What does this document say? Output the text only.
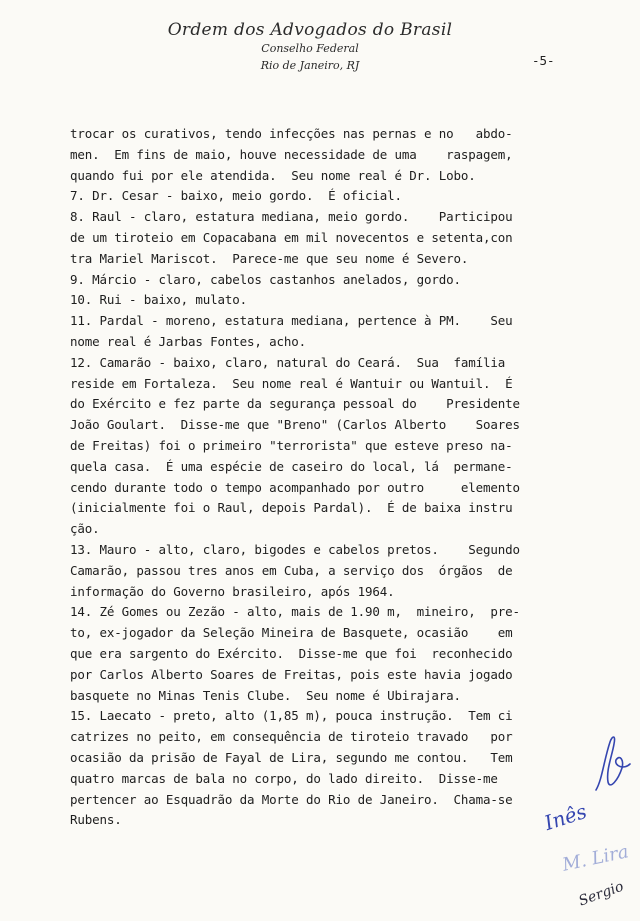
Ordem dos Advogados do Brasil
Conselho Federal
Rio de Janeiro, RJ	-5-
trocar os curativos, tendo infecções nas pernas e no   abdo-
men.  Em fins de maio, houve necessidade de uma    raspagem,
quando fui por ele atendida.  Seu nome real é Dr. Lobo.
7. Dr. Cesar - baixo, meio gordo.  É oficial.
8. Raul - claro, estatura mediana, meio gordo.    Participou
de um tiroteio em Copacabana em mil novecentos e setenta,con
tra Mariel Mariscot.  Parece-me que seu nome é Severo.
9. Márcio - claro, cabelos castanhos anelados, gordo.
10. Rui - baixo, mulato.
11. Pardal - moreno, estatura mediana, pertence à PM.    Seu
nome real é Jarbas Fontes, acho.
12. Camarão - baixo, claro, natural do Ceará.  Sua  família
reside em Fortaleza.  Seu nome real é Wantuir ou Wantuil.  É
do Exército e fez parte da segurança pessoal do    Presidente
João Goulart.  Disse-me que "Breno" (Carlos Alberto    Soares
de Freitas) foi o primeiro "terrorista" que esteve preso na-
quela casa.  É uma espécie de caseiro do local, lá  permane-
cendo durante todo o tempo acompanhado por outro     elemento
(inicialmente foi o Raul, depois Pardal).  É de baixa instru
ção.
13. Mauro - alto, claro, bigodes e cabelos pretos.    Segundo
Camarão, passou tres anos em Cuba, a serviço dos  órgãos  de
informação do Governo brasileiro, após 1964.
14. Zé Gomes ou Zezão - alto, mais de 1.90 m,  mineiro,  pre-
to, ex-jogador da Seleção Mineira de Basquete, ocasião    em
que era sargento do Exército.  Disse-me que foi  reconhecido
por Carlos Alberto Soares de Freitas, pois este havia jogado
basquete no Minas Tenis Clube.  Seu nome é Ubirajara.
15. Laecato - preto, alto (1,85 m), pouca instrução.  Tem ci
catrizes no peito, em consequência de tiroteio travado   por
ocasião da prisão de Fayal de Lira, segundo me contou.   Tem
quatro marcas de bala no corpo, do lado direito.  Disse-me
pertencer ao Esquadrão da Morte do Rio de Janeiro.  Chama-se
Rubens.	Inês
M. Lira
Sergio
